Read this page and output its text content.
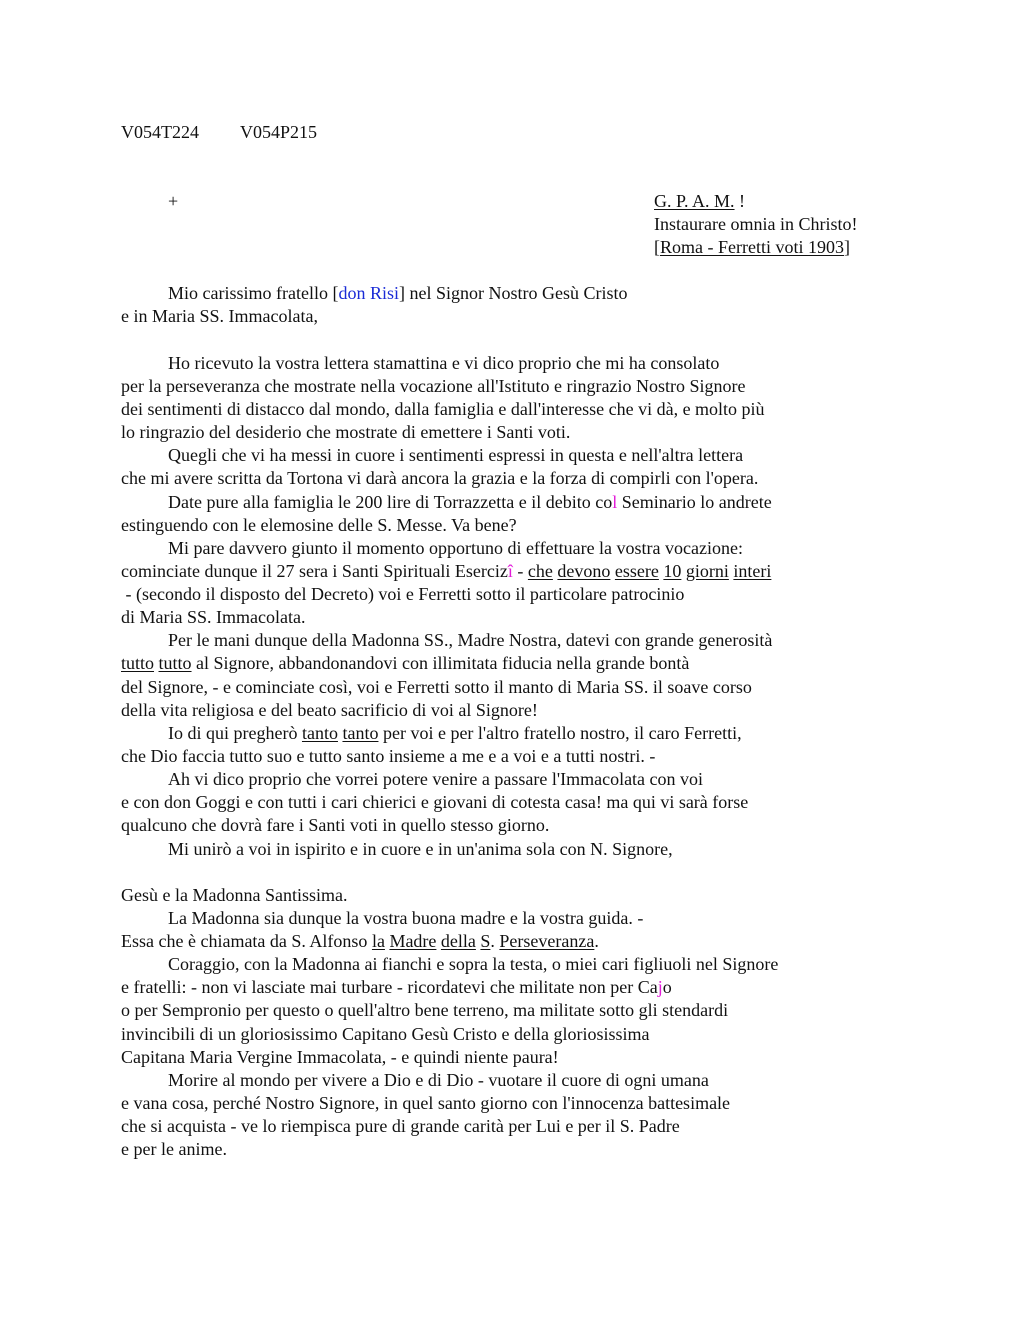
V054T224 V054P215
+	G. P. A. M. !
Instaurare omnia in Christo!
[Roma - Ferretti voti 1903]
Mio carissimo fratello [don Risi] nel Signor Nostro Gesù Cristo
e in Maria SS. Immacolata,
Ho ricevuto la vostra lettera stamattina e vi dico proprio che mi ha consolato
per la perseveranza che mostrate nella vocazione all'Istituto e ringrazio Nostro Signore
dei sentimenti di distacco dal mondo, dalla famiglia e dall'interesse che vi dà, e molto più
lo ringrazio del desiderio che mostrate di emettere i Santi voti.
Quegli che vi ha messi in cuore i sentimenti espressi in questa e nell'altra lettera
che mi avere scritta da Tortona vi darà ancora la grazia e la forza di compirli con l'opera.
Date pure alla famiglia le 200 lire di Torrazzetta e il debito col Seminario lo andrete
estinguendo con le elemosine delle S. Messe. Va bene?
Mi pare davvero giunto il momento opportuno di effettuare la vostra vocazione:
cominciate dunque il 27 sera i Santi Spirituali Esercizî - che devono essere 10 giorni interi
- (secondo il disposto del Decreto) voi e Ferretti sotto il particolare patrocinio
di Maria SS. Immacolata.
Per le mani dunque della Madonna SS., Madre Nostra, datevi con grande generosità
tutto tutto al Signore, abbandonandovi con illimitata fiducia nella grande bontà
del Signore, - e cominciate così, voi e Ferretti sotto il manto di Maria SS. il soave corso
della vita religiosa e del beato sacrificio di voi al Signore!
Io di qui pregherò tanto tanto per voi e per l'altro fratello nostro, il caro Ferretti,
che Dio faccia tutto suo e tutto santo insieme a me e a voi e a tutti nostri. -
Ah vi dico proprio che vorrei potere venire a passare l'Immacolata con voi
e con don Goggi e con tutti i cari chierici e giovani di cotesta casa! ma qui vi sarà forse
qualcuno che dovrà fare i Santi voti in quello stesso giorno.
Mi unirò a voi in ispirito e in cuore e in un'anima sola con N. Signore,
Gesù e la Madonna Santissima.
La Madonna sia dunque la vostra buona madre e la vostra guida. -
Essa che è chiamata da S. Alfonso la Madre della S. Perseveranza.
Coraggio, con la Madonna ai fianchi e sopra la testa, o miei cari figliuoli nel Signore
e fratelli: - non vi lasciate mai turbare - ricordatevi che militate non per Cajo
o per Sempronio per questo o quell'altro bene terreno, ma militate sotto gli stendardi
invincibili di un gloriosissimo Capitano Gesù Cristo e della gloriosissima
Capitana Maria Vergine Immacolata, - e quindi niente paura!
Morire al mondo per vivere a Dio e di Dio - vuotare il cuore di ogni umana
e vana cosa, perché Nostro Signore, in quel santo giorno con l'innocenza battesimale
che si acquista - ve lo riempisca pure di grande carità per Lui e per il S. Padre
e per le anime.
